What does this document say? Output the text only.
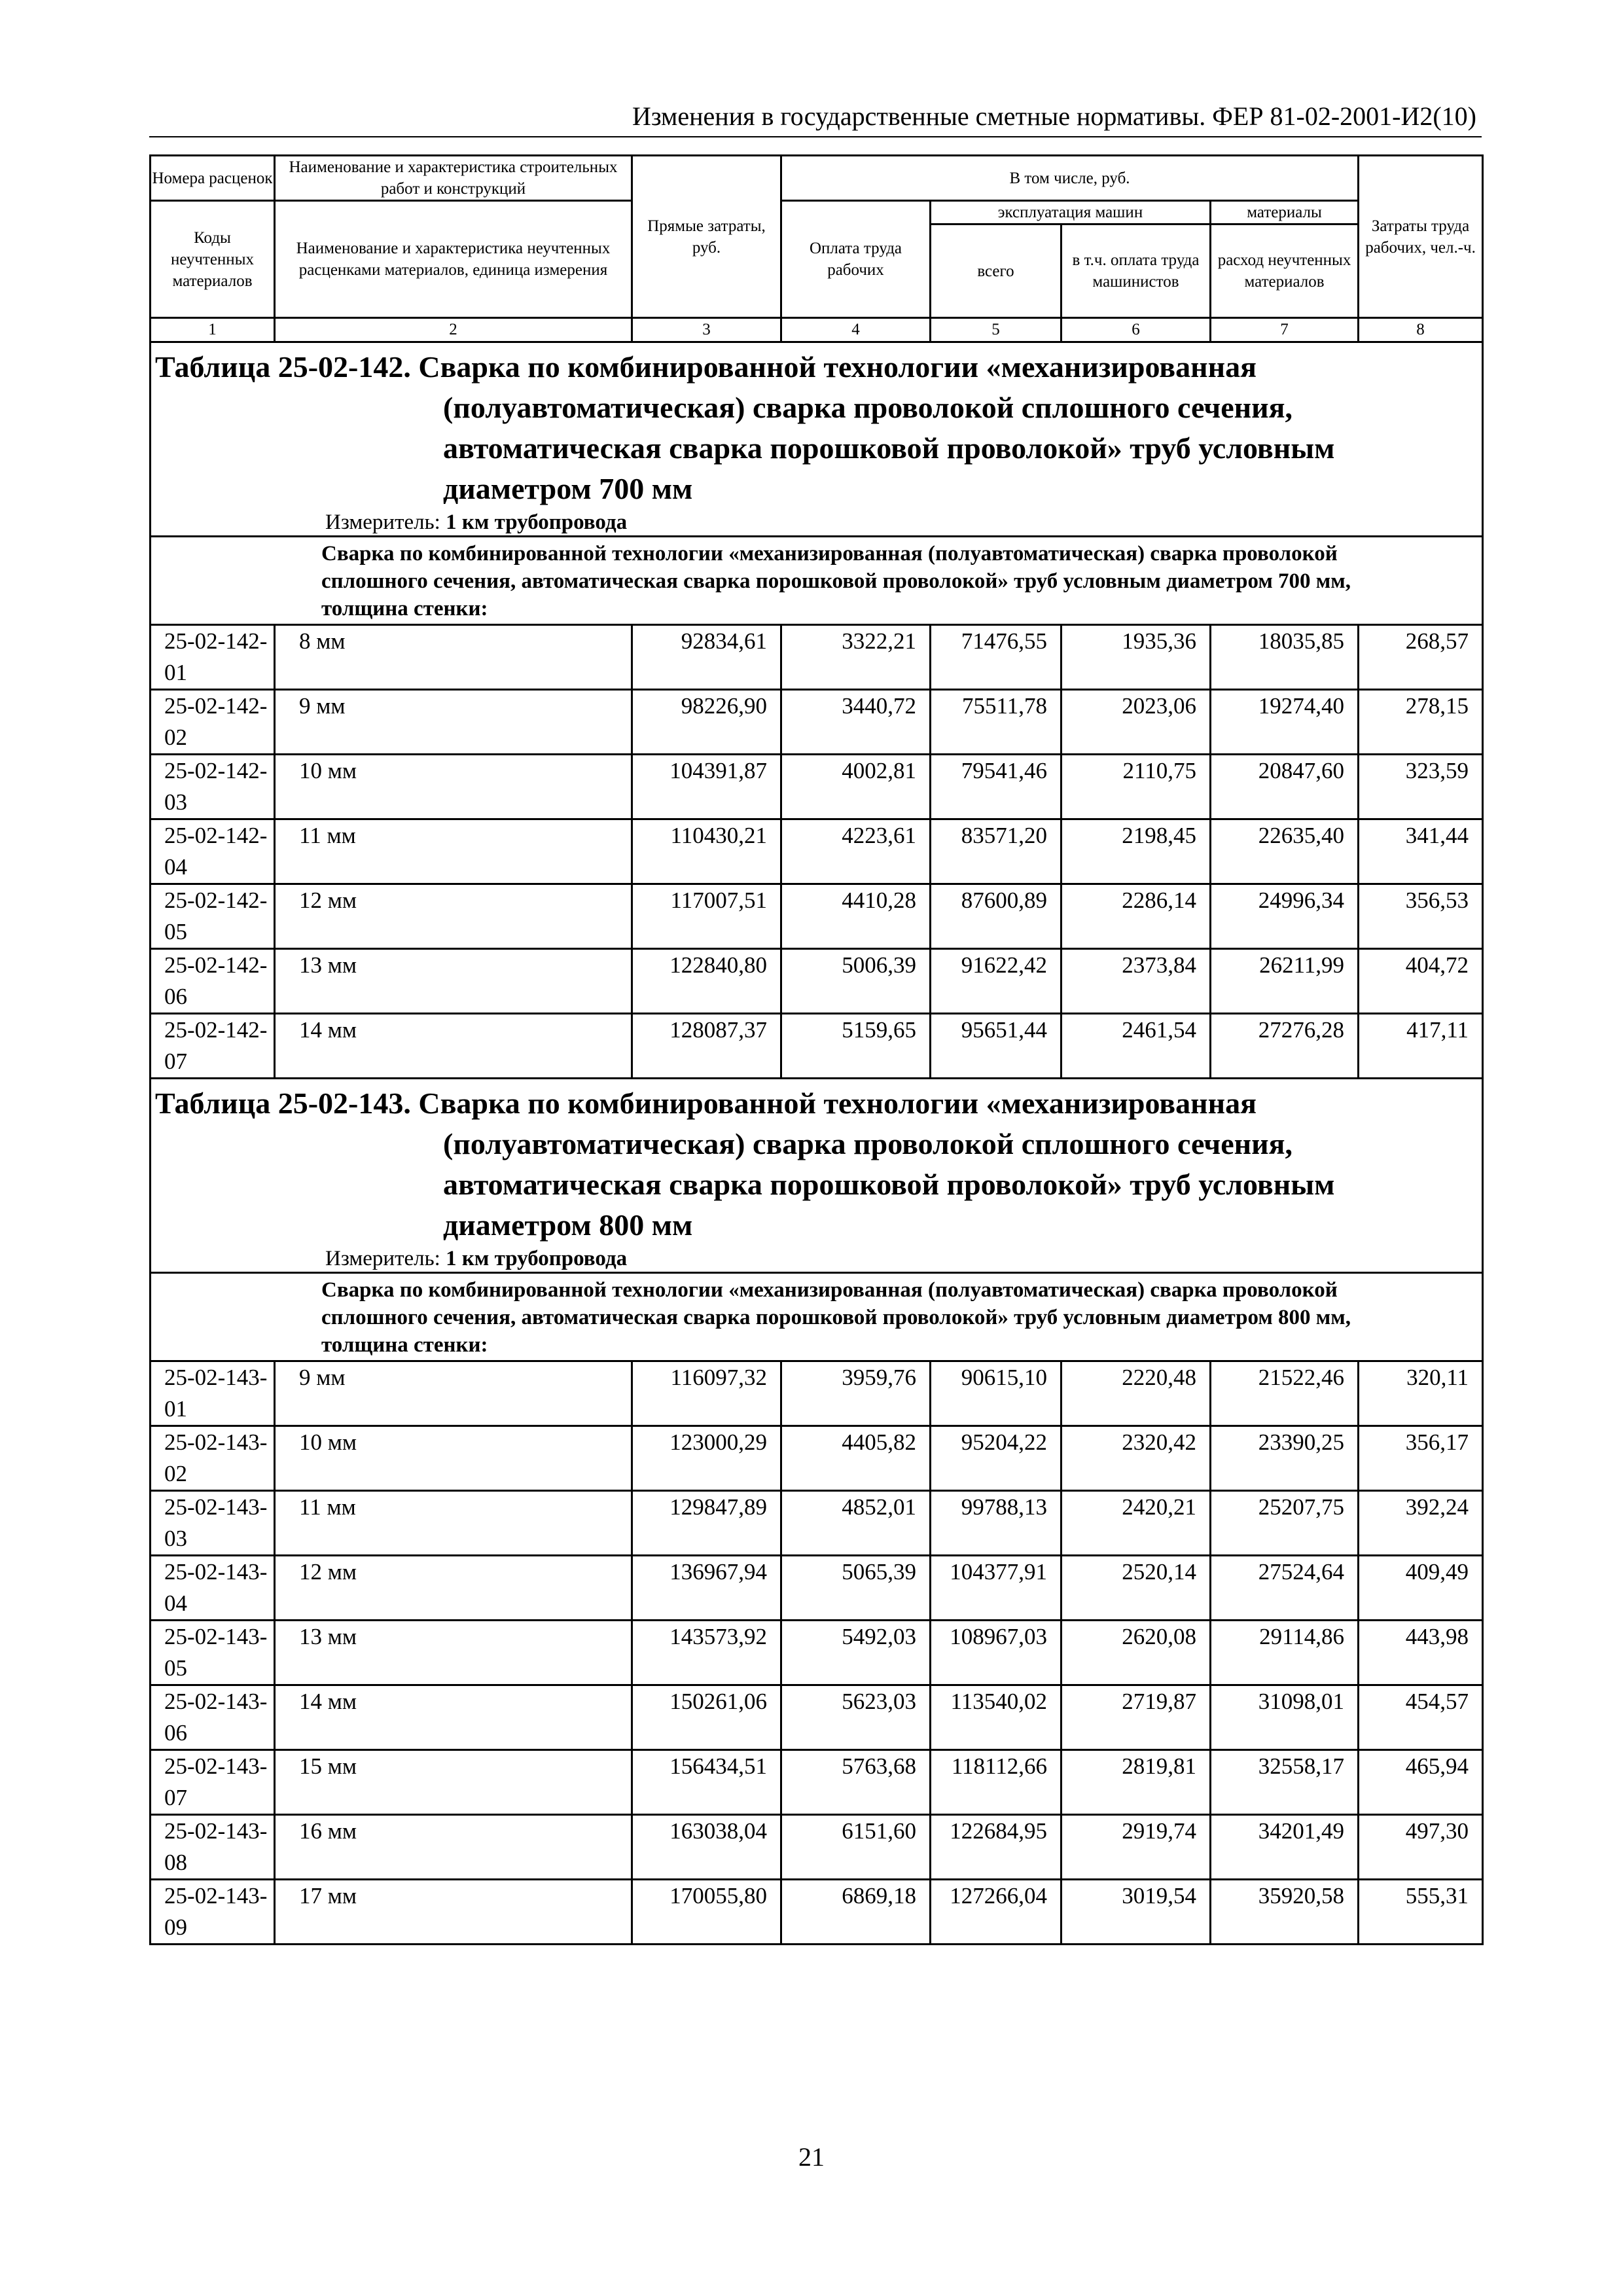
Изменения в государственные сметные нормативы. ФЕР 81-02-2001-И2(10)
Номера расценок	Наименование и характеристика строительных работ и конструкций	Прямые затраты, руб.	В том числе, руб.				Затраты труда рабочих, чел.-ч.
Коды неучтенных материалов	Наименование и характеристика неучтенных расценками материалов, единица измерения		Оплата труда рабочих	эксплуатация машин		материалы	
				всего	в т.ч. оплата труда машинистов	расход неучтенных материалов	
1	2	3	4	5	6	7	8

Таблица 25-02-142. Сварка по комбинированной технологии «механизированная (полуавтоматическая) сварка проволокой сплошного сечения, автоматическая сварка порошковой проволокой» труб условным диаметром 700 мм
Измеритель: 1 км трубопровода							

Сварка по комбинированной технологии «механизированная (полуавтоматическая) сварка проволокой сплошного сечения, автоматическая сварка порошковой проволокой» труб условным диаметром 700 мм, толщина стенки:							
25-02-142-01	8 мм	92834,61	3322,21	71476,55	1935,36	18035,85	268,57
25-02-142-02	9 мм	98226,90	3440,72	75511,78	2023,06	19274,40	278,15
25-02-142-03	10 мм	104391,87	4002,81	79541,46	2110,75	20847,60	323,59
25-02-142-04	11 мм	110430,21	4223,61	83571,20	2198,45	22635,40	341,44
25-02-142-05	12 мм	117007,51	4410,28	87600,89	2286,14	24996,34	356,53
25-02-142-06	13 мм	122840,80	5006,39	91622,42	2373,84	26211,99	404,72
25-02-142-07	14 мм	128087,37	5159,65	95651,44	2461,54	27276,28	417,11

Таблица 25-02-143. Сварка по комбинированной технологии «механизированная (полуавтоматическая) сварка проволокой сплошного сечения, автоматическая сварка порошковой проволокой» труб условным диаметром 800 мм
Измеритель: 1 км трубопровода							

Сварка по комбинированной технологии «механизированная (полуавтоматическая) сварка проволокой сплошного сечения, автоматическая сварка порошковой проволокой» труб условным диаметром 800 мм, толщина стенки:							
25-02-143-01	9 мм	116097,32	3959,76	90615,10	2220,48	21522,46	320,11
25-02-143-02	10 мм	123000,29	4405,82	95204,22	2320,42	23390,25	356,17
25-02-143-03	11 мм	129847,89	4852,01	99788,13	2420,21	25207,75	392,24
25-02-143-04	12 мм	136967,94	5065,39	104377,91	2520,14	27524,64	409,49
25-02-143-05	13 мм	143573,92	5492,03	108967,03	2620,08	29114,86	443,98
25-02-143-06	14 мм	150261,06	5623,03	113540,02	2719,87	31098,01	454,57
25-02-143-07	15 мм	156434,51	5763,68	118112,66	2819,81	32558,17	465,94
25-02-143-08	16 мм	163038,04	6151,60	122684,95	2919,74	34201,49	497,30
25-02-143-09	17 мм	170055,80	6869,18	127266,04	3019,54	35920,58	555,31
21
